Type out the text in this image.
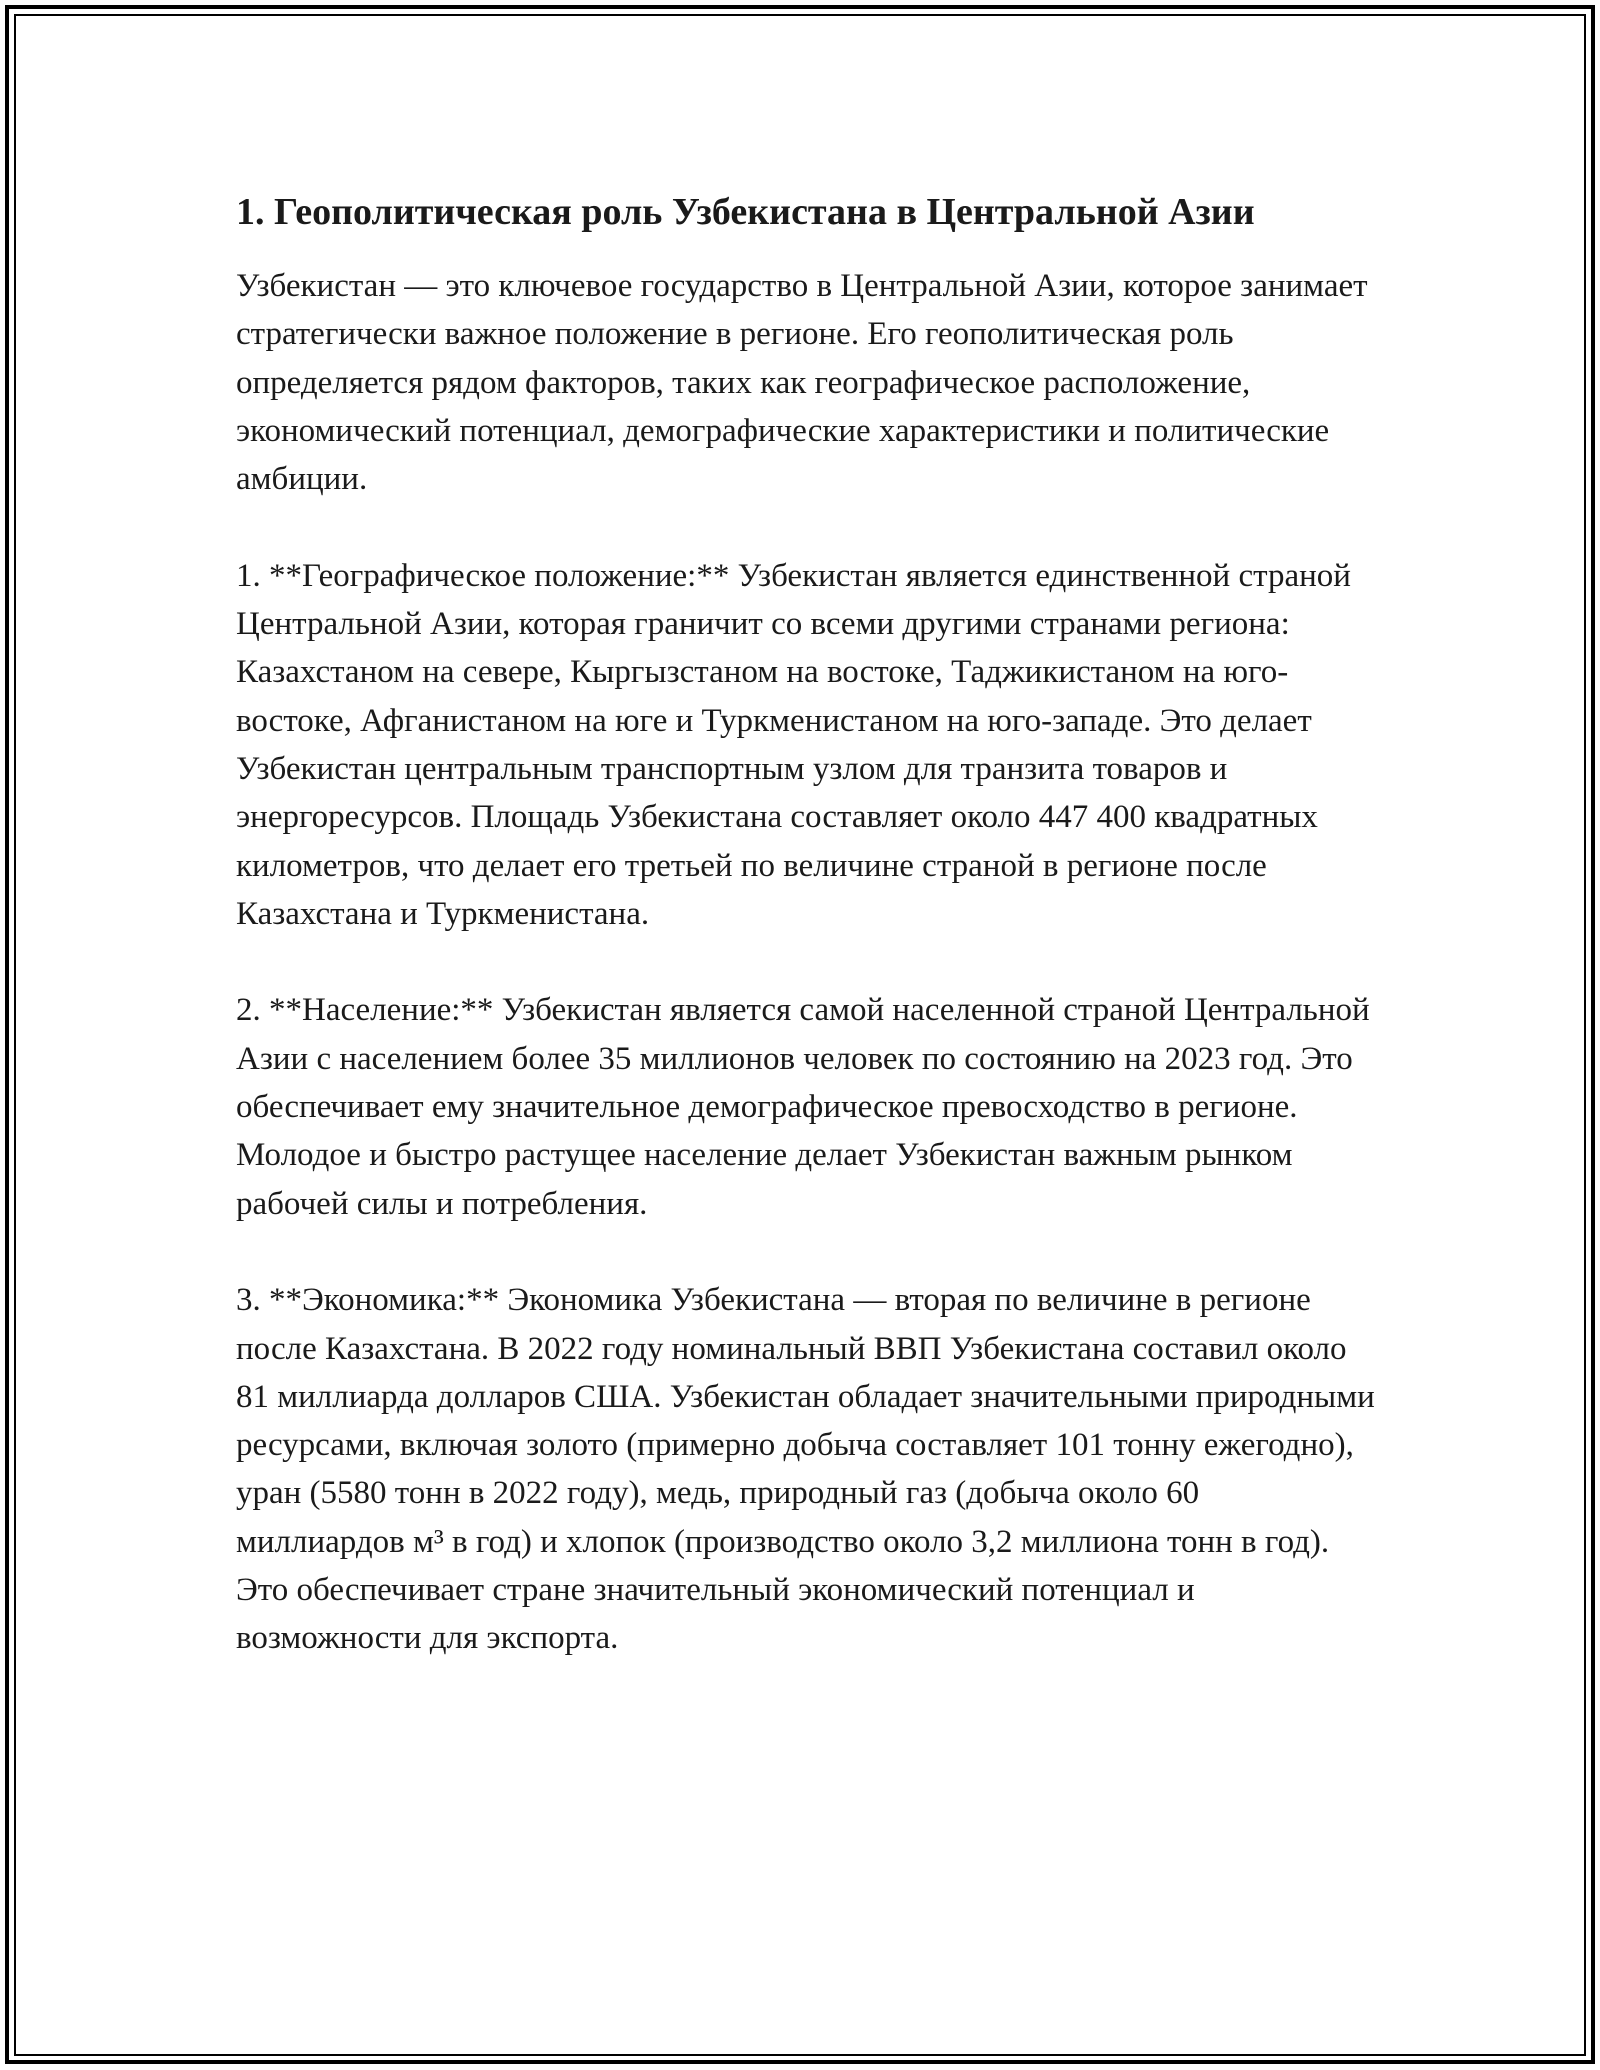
1. Геополитическая роль Узбекистана в Центральной Азии

Узбекистан — это ключевое государство в Центральной Азии, которое занимает стратегически важное положение в регионе. Его геополитическая роль определяется рядом факторов, таких как географическое расположение, экономический потенциал, демографические характеристики и политические амбиции.

1. **Географическое положение:** Узбекистан является единственной страной Центральной Азии, которая граничит со всеми другими странами региона: Казахстаном на севере, Кыргызстаном на востоке, Таджикистаном на юго-востоке, Афганистаном на юге и Туркменистаном на юго-западе. Это делает Узбекистан центральным транспортным узлом для транзита товаров и энергоресурсов. Площадь Узбекистана составляет около 447 400 квадратных километров, что делает его третьей по величине страной в регионе после Казахстана и Туркменистана.

2. **Население:** Узбекистан является самой населенной страной Центральной Азии с населением более 35 миллионов человек по состоянию на 2023 год. Это обеспечивает ему значительное демографическое превосходство в регионе. Молодое и быстро растущее население делает Узбекистан важным рынком рабочей силы и потребления.

3. **Экономика:** Экономика Узбекистана — вторая по величине в регионе после Казахстана. В 2022 году номинальный ВВП Узбекистана составил около 81 миллиарда долларов США. Узбекистан обладает значительными природными ресурсами, включая золото (примерно добыча составляет 101 тонну ежегодно), уран (5580 тонн в 2022 году), медь, природный газ (добыча около 60 миллиардов м³ в год) и хлопок (производство около 3,2 миллиона тонн в год). Это обеспечивает стране значительный экономический потенциал и возможности для экспорта.
